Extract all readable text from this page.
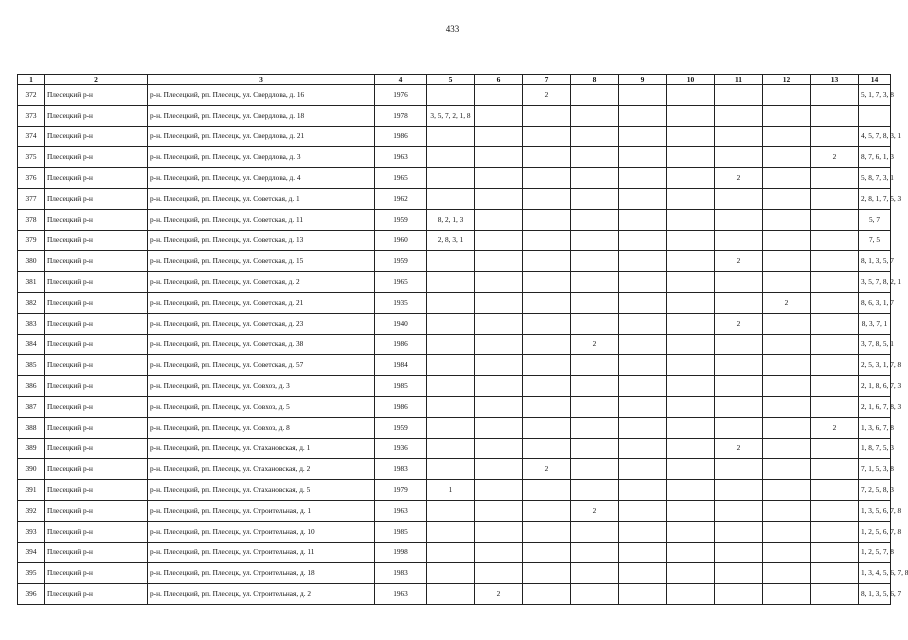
433
1	2	3	4	5	6	7	8	9	10	11	12	13	14
372	Плесецкий р-н	р-н. Плесецкий, рп. Плесецк, ул. Свердлова, д. 16	1976			2							5, 1, 7, 3, 8
373	Плесецкий р-н	р-н. Плесецкий, рп. Плесецк, ул. Свердлова, д. 18	1978	3, 5, 7, 2, 1, 8									
374	Плесецкий р-н	р-н. Плесецкий, рп. Плесецк, ул. Свердлова, д. 21	1986										4, 5, 7, 8, 3, 1
375	Плесецкий р-н	р-н. Плесецкий, рп. Плесецк, ул. Свердлова, д. 3	1963									2	8, 7, 6, 1, 3
376	Плесецкий р-н	р-н. Плесецкий, рп. Плесецк, ул. Свердлова, д. 4	1965							2			5, 8, 7, 3, 1
377	Плесецкий р-н	р-н. Плесецкий, рп. Плесецк, ул. Советская, д. 1	1962										2, 8, 1, 7, 5, 3
378	Плесецкий р-н	р-н. Плесецкий, рп. Плесецк, ул. Советская, д. 11	1959	8, 2, 1, 3									5, 7
379	Плесецкий р-н	р-н. Плесецкий, рп. Плесецк, ул. Советская, д. 13	1960	2, 8, 3, 1									7, 5
380	Плесецкий р-н	р-н. Плесецкий, рп. Плесецк, ул. Советская, д. 15	1959							2			8, 1, 3, 5, 7
381	Плесецкий р-н	р-н. Плесецкий, рп. Плесецк, ул. Советская, д. 2	1965										3, 5, 7, 8, 2, 1
382	Плесецкий р-н	р-н. Плесецкий, рп. Плесецк, ул. Советская, д. 21	1935								2		8, 6, 3, 1, 7
383	Плесецкий р-н	р-н. Плесецкий, рп. Плесецк, ул. Советская, д. 23	1940							2			8, 3, 7, 1
384	Плесецкий р-н	р-н. Плесецкий, рп. Плесецк, ул. Советская, д. 38	1986				2						3, 7, 8, 5, 1
385	Плесецкий р-н	р-н. Плесецкий, рп. Плесецк, ул. Советская, д. 57	1984										2, 5, 3, 1, 7, 8
386	Плесецкий р-н	р-н. Плесецкий, рп. Плесецк, ул. Совхоз, д. 3	1985										2, 1, 8, 6, 7, 3
387	Плесецкий р-н	р-н. Плесецкий, рп. Плесецк, ул. Совхоз, д. 5	1986										2, 1, 6, 7, 8, 3
388	Плесецкий р-н	р-н. Плесецкий, рп. Плесецк, ул. Совхоз, д. 8	1959									2	1, 3, 6, 7, 8
389	Плесецкий р-н	р-н. Плесецкий, рп. Плесецк, ул. Стахановская, д. 1	1936							2			1, 8, 7, 5, 3
390	Плесецкий р-н	р-н. Плесецкий, рп. Плесецк, ул. Стахановская, д. 2	1983			2							7, 1, 5, 3, 8
391	Плесецкий р-н	р-н. Плесецкий, рп. Плесецк, ул. Стахановская, д. 5	1979	1									7, 2, 5, 8, 3
392	Плесецкий р-н	р-н. Плесецкий, рп. Плесецк, ул. Строительная, д. 1	1963				2						1, 3, 5, 6, 7, 8
393	Плесецкий р-н	р-н. Плесецкий, рп. Плесецк, ул. Строительная, д. 10	1985										1, 2, 5, 6, 7, 8
394	Плесецкий р-н	р-н. Плесецкий, рп. Плесецк, ул. Строительная, д. 11	1998										1, 2, 5, 7, 8
395	Плесецкий р-н	р-н. Плесецкий, рп. Плесецк, ул. Строительная, д. 18	1983										1, 3, 4, 5, 6, 7, 8
396	Плесецкий р-н	р-н. Плесецкий, рп. Плесецк, ул. Строительная, д. 2	1963		2								8, 1, 3, 5, 6, 7
